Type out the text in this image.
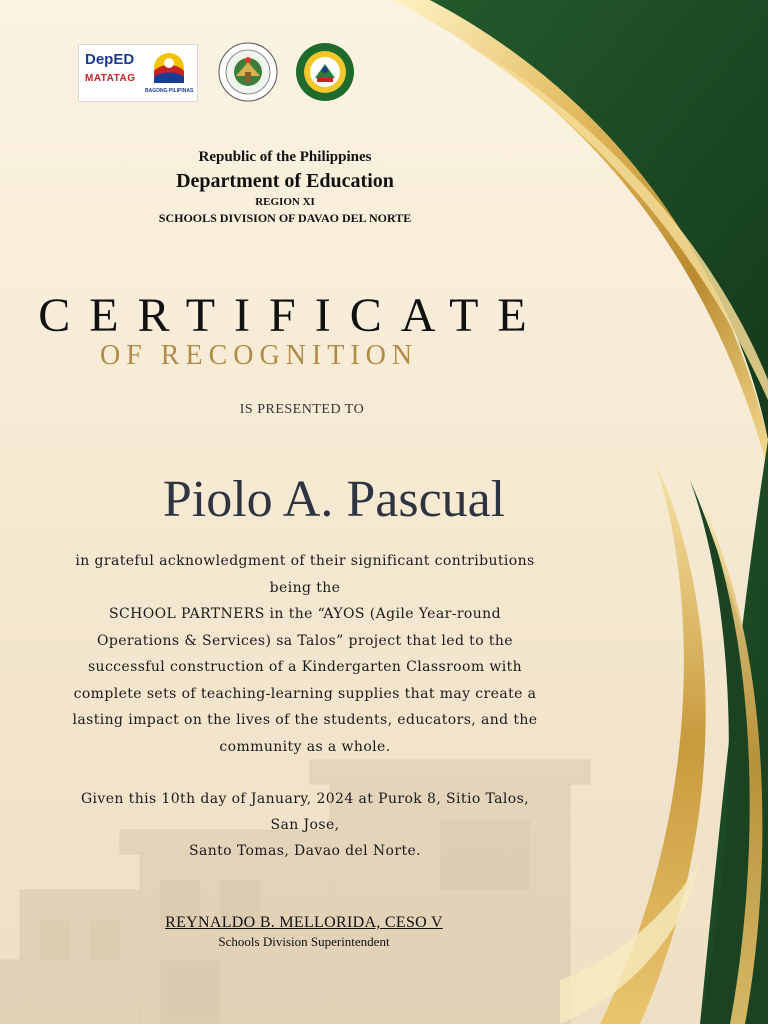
DepED
MATATAG
BAGONG PILIPINAS
Republic of the Philippines
Department of Education
REGION XI
SCHOOLS DIVISION OF DAVAO DEL NORTE
CERTIFICATE
OF RECOGNITION
IS PRESENTED TO
Piolo A. Pascual
in grateful acknowledgment of their significant contributions
being the
SCHOOL PARTNERS in the “AYOS (Agile Year-round
Operations & Services) sa Talos” project that led to the
successful construction of a Kindergarten Classroom with
complete sets of teaching-learning supplies that may create a
lasting impact on the lives of the students, educators, and the
community as a whole.
Given this 10th day of January, 2024 at Purok 8, Sitio Talos,
San Jose,
Santo Tomas, Davao del Norte.
REYNALDO B. MELLORIDA, CESO V
Schools Division Superintendent
